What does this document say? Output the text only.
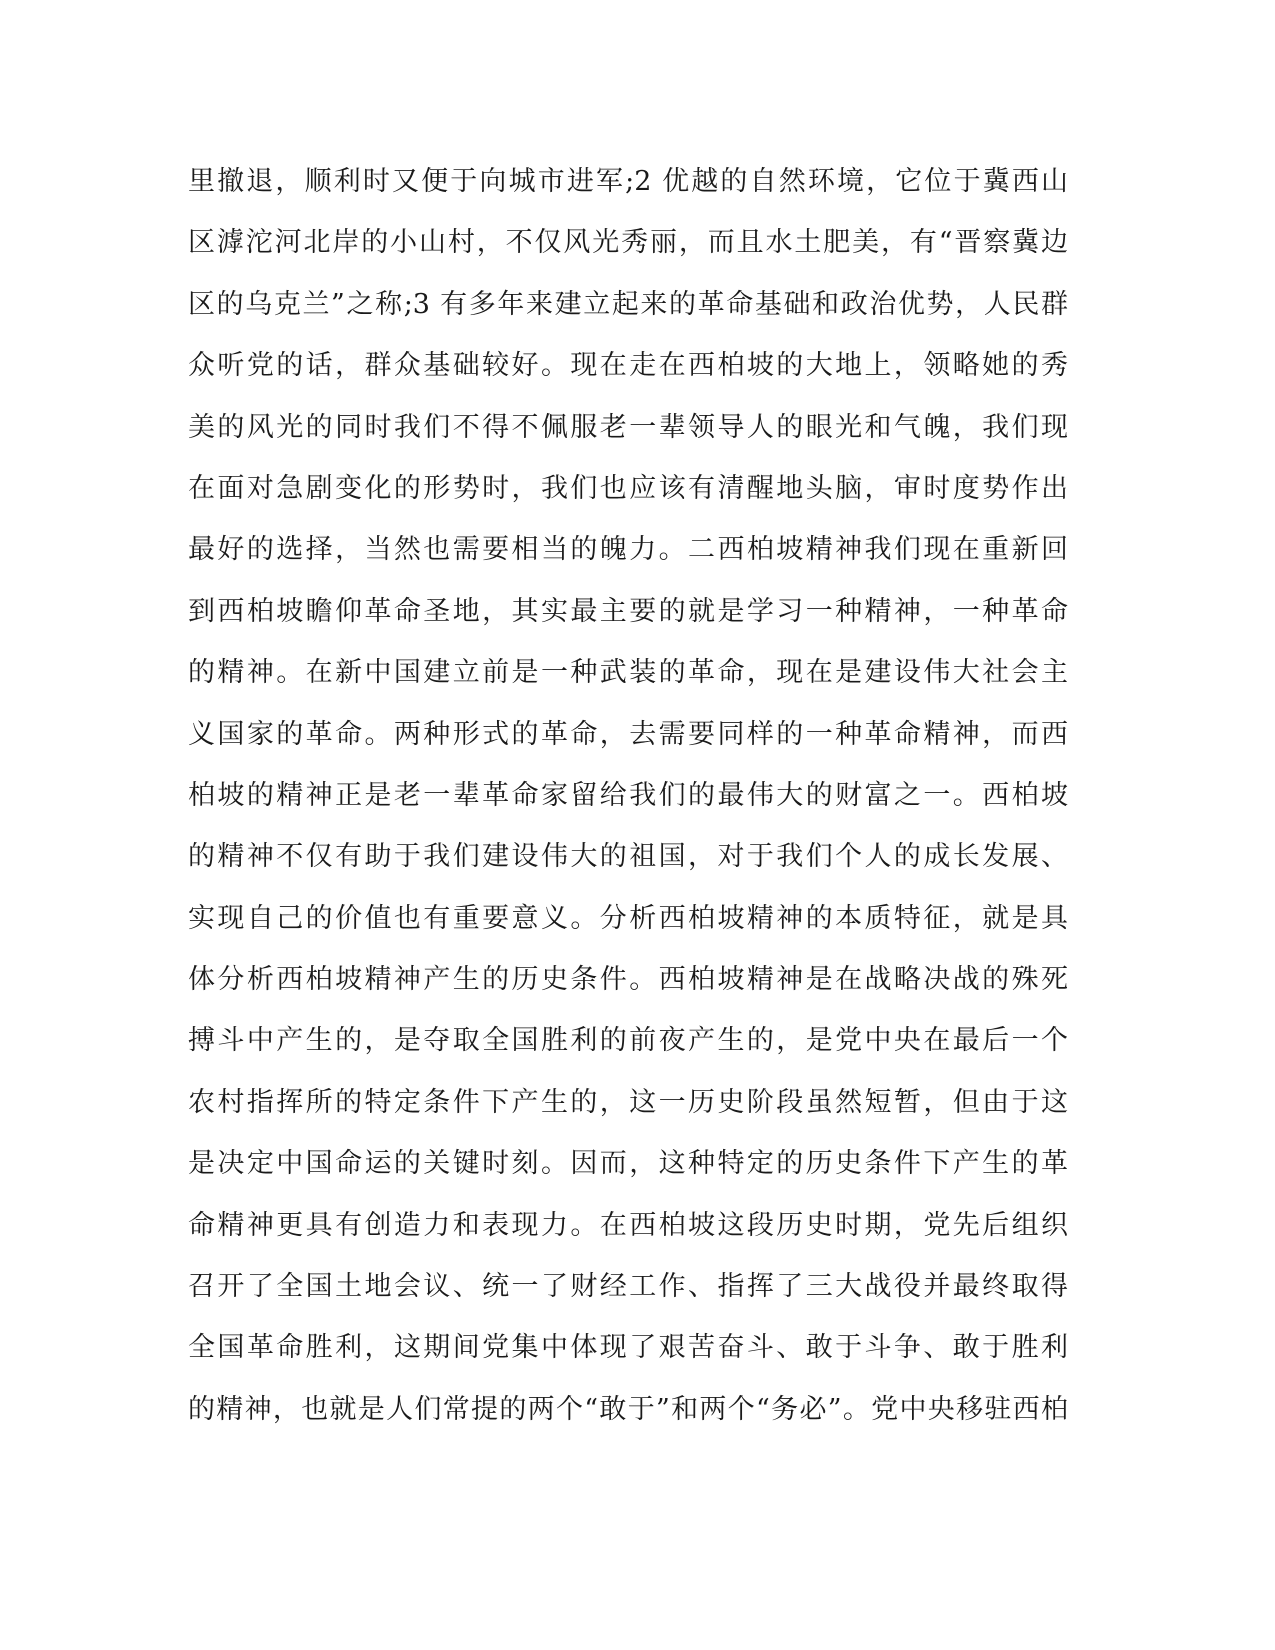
里撤退，顺利时又便于向城市进军;2 优越的自然环境，它位于冀西山
区滹沱河北岸的小山村，不仅风光秀丽，而且水土肥美，有“晋察冀边
区的乌克兰”之称;3 有多年来建立起来的革命基础和政治优势，人民群
众听党的话，群众基础较好。现在走在西柏坡的大地上，领略她的秀
美的风光的同时我们不得不佩服老一辈领导人的眼光和气魄，我们现
在面对急剧变化的形势时，我们也应该有清醒地头脑，审时度势作出
最好的选择，当然也需要相当的魄力。二西柏坡精神我们现在重新回
到西柏坡瞻仰革命圣地，其实最主要的就是学习一种精神，一种革命
的精神。在新中国建立前是一种武装的革命，现在是建设伟大社会主
义国家的革命。两种形式的革命，去需要同样的一种革命精神，而西
柏坡的精神正是老一辈革命家留给我们的最伟大的财富之一。西柏坡
的精神不仅有助于我们建设伟大的祖国，对于我们个人的成长发展、
实现自己的价值也有重要意义。分析西柏坡精神的本质特征，就是具
体分析西柏坡精神产生的历史条件。西柏坡精神是在战略决战的殊死
搏斗中产生的，是夺取全国胜利的前夜产生的，是党中央在最后一个
农村指挥所的特定条件下产生的，这一历史阶段虽然短暂，但由于这
是决定中国命运的关键时刻。因而，这种特定的历史条件下产生的革
命精神更具有创造力和表现力。在西柏坡这段历史时期，党先后组织
召开了全国土地会议、统一了财经工作、指挥了三大战役并最终取得
全国革命胜利，这期间党集中体现了艰苦奋斗、敢于斗争、敢于胜利
的精神，也就是人们常提的两个“敢于”和两个“务必”。党中央移驻西柏
